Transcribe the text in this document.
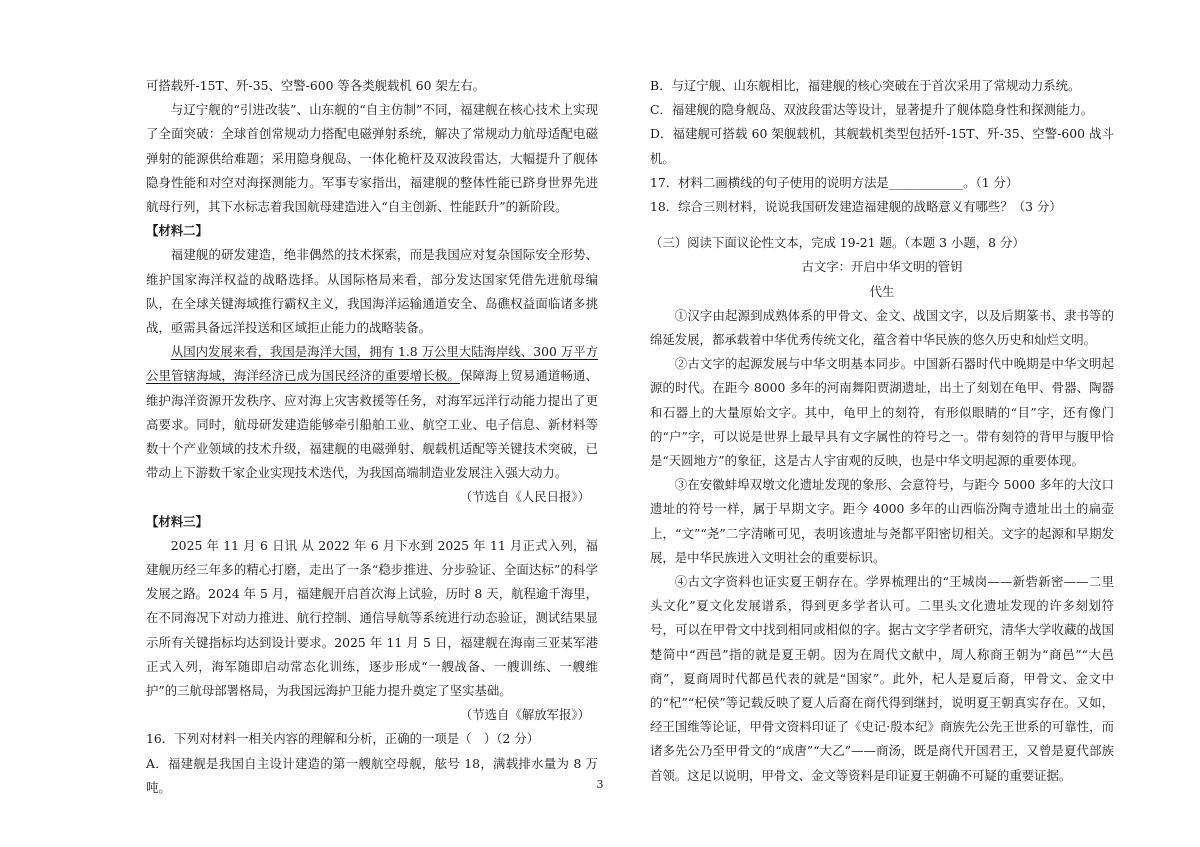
可搭载歼-15T、歼-35、空警-600 等各类舰载机 60 架左右。

与辽宁舰的“引进改装”、山东舰的“自主仿制”不同，福建舰在核心技术上实现了全面突破：全球首创常规动力搭配电磁弹射系统，解决了常规动力航母适配电磁弹射的能源供给难题；采用隐身舰岛、一体化桅杆及双波段雷达，大幅提升了舰体隐身性能和对空对海探测能力。军事专家指出，福建舰的整体性能已跻身世界先进航母行列，其下水标志着我国航母建造进入“自主创新、性能跃升”的新阶段。

【材料二】

福建舰的研发建造，绝非偶然的技术探索，而是我国应对复杂国际安全形势、维护国家海洋权益的战略选择。从国际格局来看，部分发达国家凭借先进航母编队，在全球关键海域推行霸权主义，我国海洋运输通道安全、岛礁权益面临诸多挑战，亟需具备远洋投送和区域拒止能力的战略装备。

从国内发展来看，我国是海洋大国，拥有 1.8 万公里大陆海岸线、300 万平方公里管辖海域，海洋经济已成为国民经济的重要增长极。保障海上贸易通道畅通、维护海洋资源开发秩序、应对海上灾害救援等任务，对海军远洋行动能力提出了更高要求。同时，航母研发建造能够牵引船舶工业、航空工业、电子信息、新材料等数十个产业领域的技术升级，福建舰的电磁弹射、舰载机适配等关键技术突破，已带动上下游数千家企业实现技术迭代，为我国高端制造业发展注入强大动力。

（节选自《人民日报》）

【材料三】

2025 年 11 月 6 日讯 从 2022 年 6 月下水到 2025 年 11 月正式入列，福建舰历经三年多的精心打磨，走出了一条“稳步推进、分步验证、全面达标”的科学发展之路。2024 年 5 月，福建舰开启首次海上试验，历时 8 天，航程逾千海里，在不同海况下对动力推进、航行控制、通信导航等系统进行动态验证，测试结果显示所有关键指标均达到设计要求。2025 年 11 月 5 日，福建舰在海南三亚某军港正式入列，海军随即启动常态化训练，逐步形成“一艘战备、一艘训练、一艘维护”的三航母部署格局，为我国远海护卫能力提升奠定了坚实基础。

（节选自《解放军报》）

16．下列对材料一相关内容的理解和分析，正确的一项是（　）（2 分）

A．福建舰是我国自主设计建造的第一艘航空母舰，舷号 18，满载排水量为 8 万吨。

B．与辽宁舰、山东舰相比，福建舰的核心突破在于首次采用了常规动力系统。

C．福建舰的隐身舰岛、双波段雷达等设计，显著提升了舰体隐身性和探测能力。

D．福建舰可搭载 60 架舰载机，其舰载机类型包括歼-15T、歼-35、空警-600 战斗机。

17．材料二画横线的句子使用的说明方法是____________。（1 分）

18．综合三则材料，说说我国研发建造福建舰的战略意义有哪些？（3 分）

（三）阅读下面议论性文本，完成 19-21 题。（本题 3 小题，8 分）

古文字：开启中华文明的管钥

代生

①汉字由起源到成熟体系的甲骨文、金文、战国文字，以及后期篆书、隶书等的绵延发展，都承载着中华优秀传统文化，蕴含着中华民族的悠久历史和灿烂文明。

②古文字的起源发展与中华文明基本同步。中国新石器时代中晚期是中华文明起源的时代。在距今 8000 多年的河南舞阳贾湖遗址，出土了刻划在龟甲、骨器、陶器和石器上的大量原始文字。其中，龟甲上的刻符，有形似眼睛的“目”字，还有像门的“户”字，可以说是世界上最早具有文字属性的符号之一。带有刻符的背甲与腹甲恰是“天圆地方”的象征，这是古人宇宙观的反映，也是中华文明起源的重要体现。

③在安徽蚌埠双墩文化遗址发现的象形、会意符号，与距今 5000 多年的大汶口遗址的符号一样，属于早期文字。距今 4000 多年的山西临汾陶寺遗址出土的扁壶上，“文”“尧”二字清晰可见，表明该遗址与尧都平阳密切相关。文字的起源和早期发展，是中华民族进入文明社会的重要标识。

④古文字资料也证实夏王朝存在。学界梳理出的“王城岗——新砦新密——二里头文化”夏文化发展谱系，得到更多学者认可。二里头文化遗址发现的许多刻划符号，可以在甲骨文中找到相同或相似的字。据古文字学者研究，清华大学收藏的战国楚简中“西邑”指的就是夏王朝。因为在周代文献中，周人称商王朝为“商邑”“大邑商”，夏商周时代都邑代表的就是“国家”。此外，杞人是夏后裔，甲骨文、金文中的“杞”“杞侯”等记载反映了夏人后裔在商代得到继封，说明夏王朝真实存在。又如，经王国维等论证，甲骨文资料印证了《史记·殷本纪》商族先公先王世系的可靠性，而诸多先公乃至甲骨文的“成唐”“大乙”——商汤，既是商代开国君王，又曾是夏代部族首领。这足以说明，甲骨文、金文等资料是印证夏王朝确不可疑的重要证据。

3
